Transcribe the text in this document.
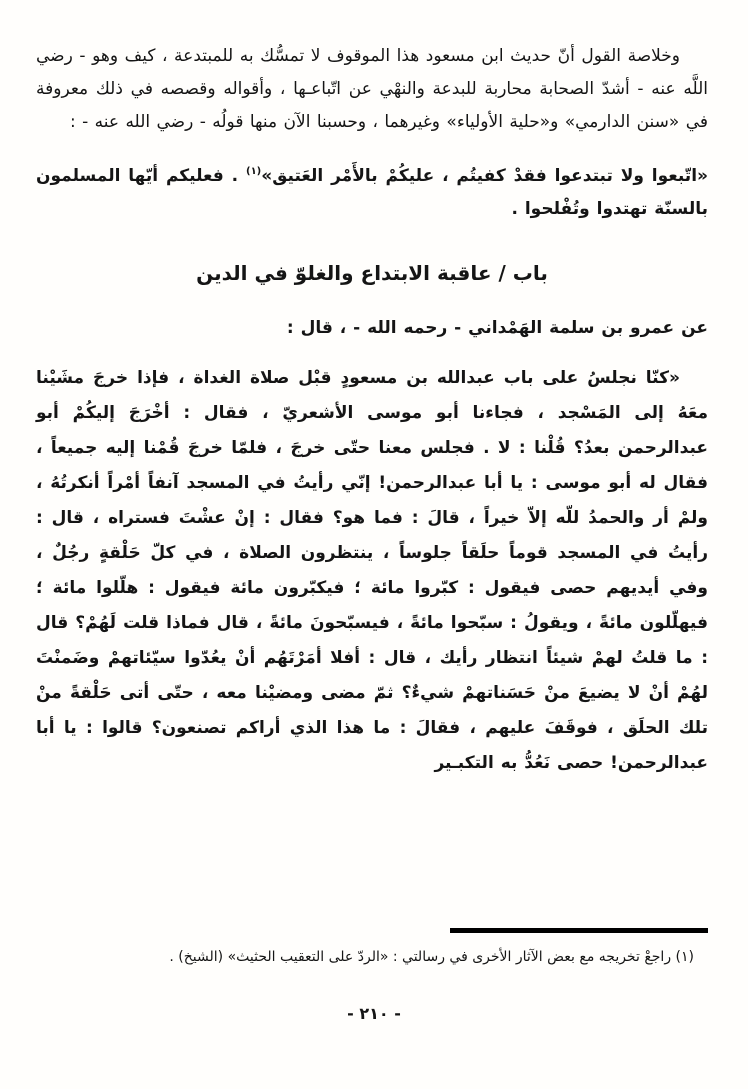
وخلاصة القول أنّ حديث ابن مسعود هذا الموقوف لا تمسُّك به للمبتدعة ، كيف وهو - رضي اللَّه عنه - أشدّ الصحابة محاربة للبدعة والنهْي عن اتّباعـها ، وأقواله وقصصه في ذلك معروفة في «سنن الدارمي» و«حلية الأولياء» وغيرهما ، وحسبنا الآن منها قولُه - رضي الله عنه - :

«اتّبعوا ولا تبتدعوا فقدْ كفيتُم ، عليكُمْ بالأَمْر العَتيق»$^{(١)}$ . فعليكم أيّها المسلمون بالسنّة تهتدوا وتُفْلحوا .

باب / عاقبة الابتداع والغلوّ في الدين

عن عمرو بن سلمة الهَمْداني - رحمه الله - ، قال :

«كنّا نجلسُ على باب عبدالله بن مسعودٍ قبْل صلاة الغداة ، فإذا خرجَ مشَيْنا معَهُ إلى المَسْجد ، فجاءنا أبو موسى الأشعريّ ، فقال : أخْرَجَ إليكُمْ أبو عبدالرحمن بعدُ؟ قُلْنا : لا . فجلس معنا حتّى خرجَ ، فلمّا خرجَ قُمْنا إليه جميعاً ، فقال له أبو موسى : يا أبا عبدالرحمن! إنّي رأيتُ في المسجد آنفاً أمْراً أنكرتُهُ ، ولمْ أر والحمدُ للّه إلاّ خيراً ، قالَ : فما هو؟ فقال : إنْ عشْتَ فستراه ، قال : رأيتُ في المسجد قوماً حلَقاً جلوساً ، ينتظرون الصلاة ، في كلّ حَلْقةٍ رجُلٌ ، وفي أيديهم حصى فيقول : كبّروا مائة ؛ فيكبّرون مائة فيقول : هلّلوا مائة ؛ فيهلّلون مائةً ، ويقولُ : سبّحوا مائةً ، فيسبّحونَ مائةً ، قال فماذا قلت لَهُمْ؟ قال : ما قلتُ لهمْ شيئاً انتظار رأيك ، قال : أفلا أمَرْتَهُم أنْ يعُدّوا سيّئاتهمْ وضَمنْتَ لهُمْ أنْ لا يضيعَ منْ حَسَناتهمْ شيءٌ؟ ثمّ مضى ومضيْنا معه ، حتّى أتى حَلْقةً منْ تلك الحلَق ، فوقَفَ عليهم ، فقالَ : ما هذا الذي أراكم تصنعون؟ قالوا : يا أبا عبدالرحمن! حصى نَعُدُّ به التكبـير

(١) راجعْ تخريجه مع بعض الآثار الأخرى في رسالتي : «الردّ على التعقيب الحثيث» (الشيخ) .

- ٢١٠ -
